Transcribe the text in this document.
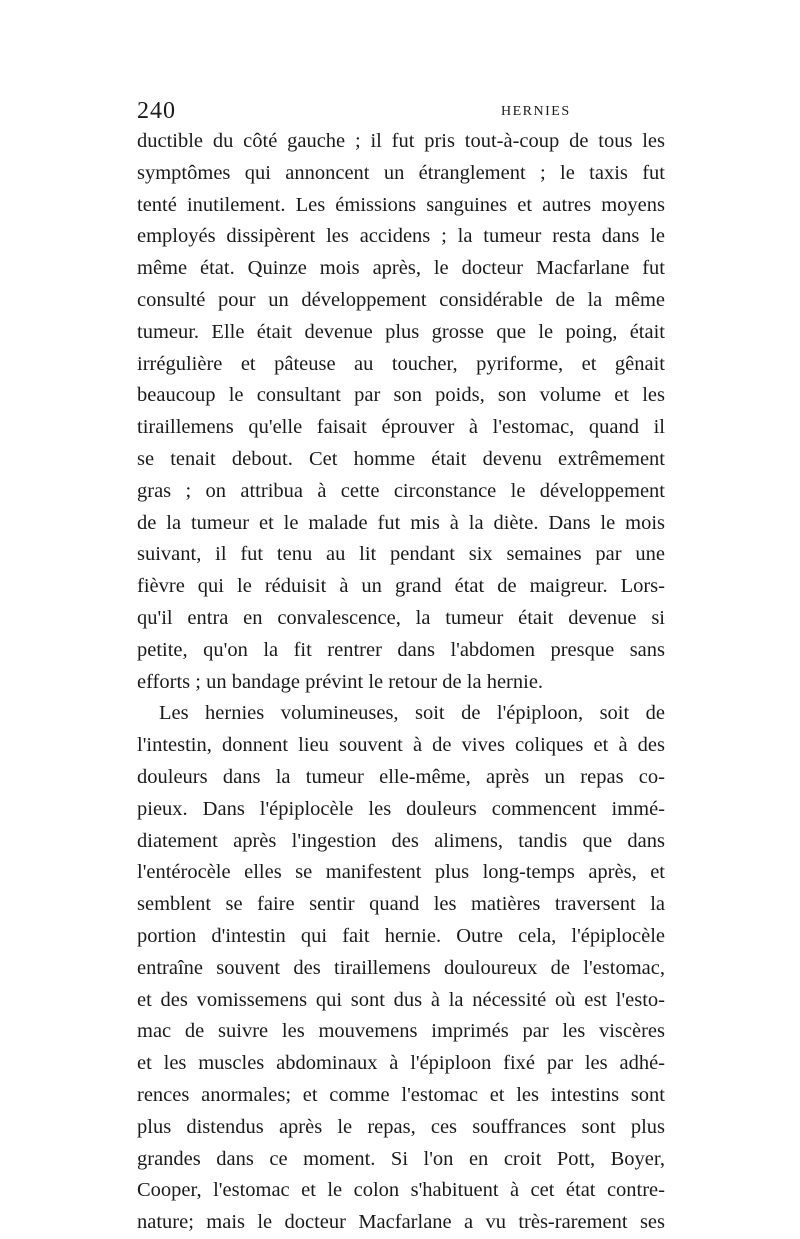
240	HERNIES
ductible du côté gauche ; il fut pris tout-à-coup de tous les
symptômes qui annoncent un étranglement ; le taxis fut
tenté inutilement. Les émissions sanguines et autres moyens
employés dissipèrent les accidens ; la tumeur resta dans le
même état. Quinze mois après, le docteur Macfarlane fut
consulté pour un développement considérable de la même
tumeur. Elle était devenue plus grosse que le poing, était
irrégulière et pâteuse au toucher, pyriforme, et gênait
beaucoup le consultant par son poids, son volume et les
tiraillemens qu'elle faisait éprouver à l'estomac, quand il
se tenait debout. Cet homme était devenu extrêmement
gras ; on attribua à cette circonstance le développement
de la tumeur et le malade fut mis à la diète. Dans le mois
suivant, il fut tenu au lit pendant six semaines par une
fièvre qui le réduisit à un grand état de maigreur. Lors-
qu'il entra en convalescence, la tumeur était devenue si
petite, qu'on la fit rentrer dans l'abdomen presque sans
efforts ; un bandage prévint le retour de la hernie.
Les hernies volumineuses, soit de l'épiploon, soit de
l'intestin, donnent lieu souvent à de vives coliques et à des
douleurs dans la tumeur elle-même, après un repas co-
pieux. Dans l'épiplocèle les douleurs commencent immé-
diatement après l'ingestion des alimens, tandis que dans
l'entérocèle elles se manifestent plus long-temps après, et
semblent se faire sentir quand les matières traversent la
portion d'intestin qui fait hernie. Outre cela, l'épiplocèle
entraîne souvent des tiraillemens douloureux de l'estomac,
et des vomissemens qui sont dus à la nécessité où est l'esto-
mac de suivre les mouvemens imprimés par les viscères
et les muscles abdominaux à l'épiploon fixé par les adhé-
rences anormales; et comme l'estomac et les intestins sont
plus distendus après le repas, ces souffrances sont plus
grandes dans ce moment. Si l'on en croit Pott, Boyer,
Cooper, l'estomac et le colon s'habituent à cet état contre-
nature; mais le docteur Macfarlane a vu très-rarement ses
